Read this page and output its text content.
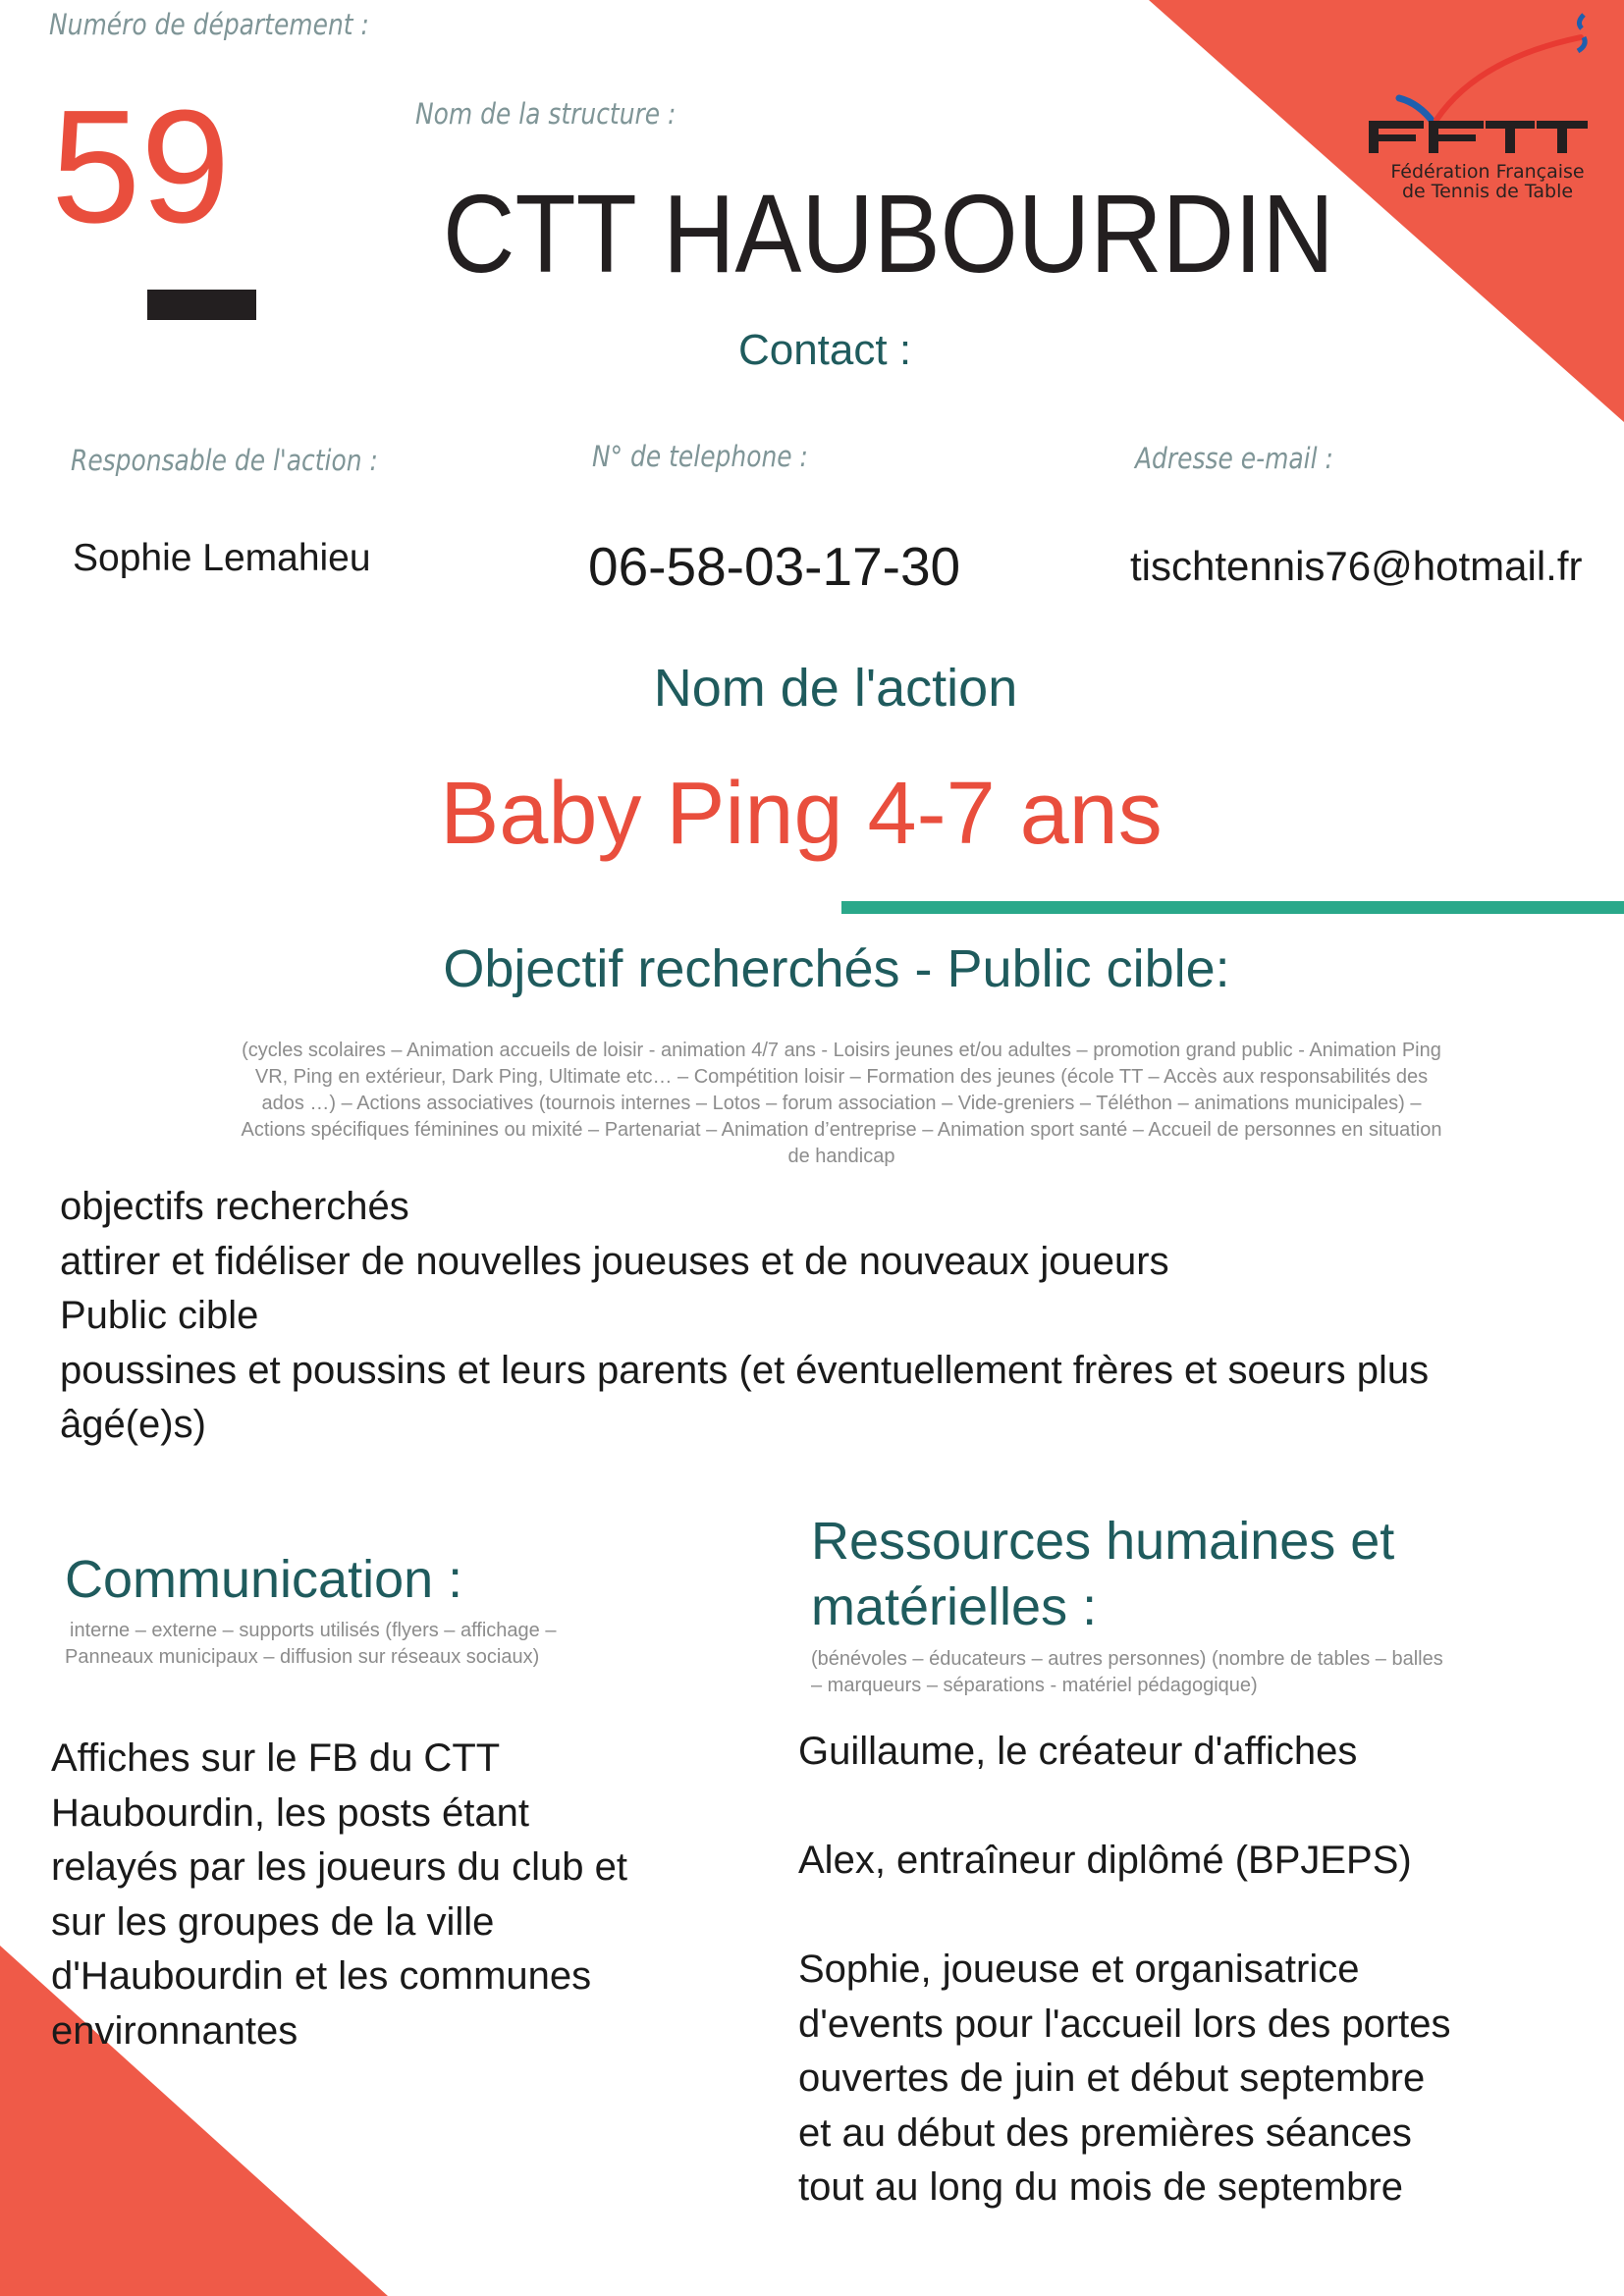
Fédération Française
de Tennis de Table
Numéro de département :
59	Nom de la structure :
CTT HAUBOURDIN
Contact :
Responsable de l'action :	N° de telephone :	Adresse e-mail :
Sophie Lemahieu	06-58-03-17-30	tischtennis76@hotmail.fr
Nom de l'action
Baby Ping 4-7 ans
Objectif recherchés - Public cible:
(cycles scolaires – Animation accueils de loisir - animation 4/7 ans - Loisirs jeunes et/ou adultes – promotion grand public - Animation Ping
VR, Ping en extérieur, Dark Ping, Ultimate etc… – Compétition loisir – Formation des jeunes (école TT – Accès aux responsabilités des
ados …) – Actions associatives (tournois internes – Lotos – forum association – Vide-greniers – Téléthon – animations municipales) –
Actions spécifiques féminines ou mixité – Partenariat – Animation d’entreprise – Animation sport santé – Accueil de personnes en situation
de handicap
objectifs recherchés
attirer et fidéliser de nouvelles joueuses et de nouveaux joueurs
Public cible
poussines et poussins et leurs parents (et éventuellement frères et soeurs plus
âgé(e)s)
Communication :
interne – externe – supports utilisés (flyers – affichage –
Panneaux municipaux – diffusion sur réseaux sociaux)
Affiches sur le FB du CTT
Haubourdin, les posts étant
relayés par les joueurs du club et
sur les groupes de la ville
d'Haubourdin et les communes
environnantes
Ressources humaines et
matérielles :
(bénévoles – éducateurs – autres personnes) (nombre de tables – balles
– marqueurs – séparations - matériel pédagogique)
Guillaume, le créateur d'affiches
Alex, entraîneur diplômé (BPJEPS)
Sophie, joueuse et organisatrice
d'events pour l'accueil lors des portes
ouvertes de juin et début septembre
et au début des premières séances
tout au long du mois de septembre
